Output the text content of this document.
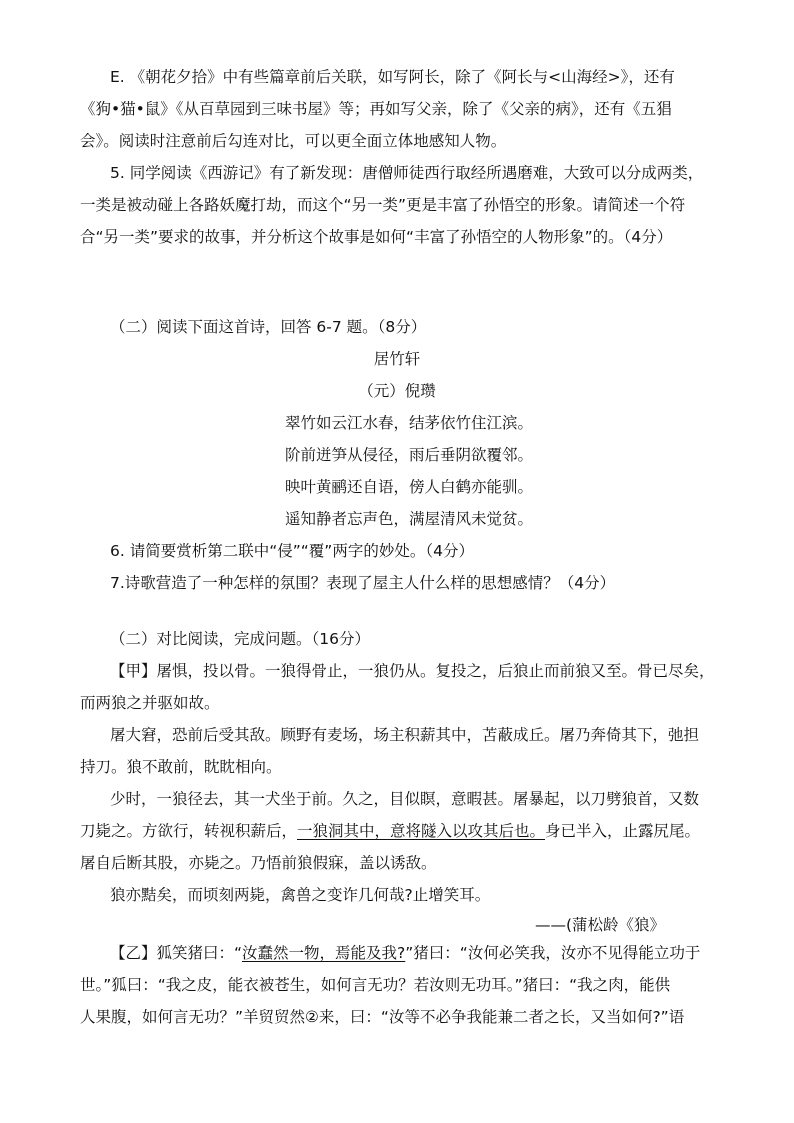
E. 《朝花夕拾》中有些篇章前后关联，如写阿长，除了《阿长与<山海经>》，还有
《狗•猫•鼠》《从百草园到三味书屋》等；再如写父亲，除了《父亲的病》，还有《五猖
会》。阅读时注意前后勾连对比，可以更全面立体地感知人物。
5. 同学阅读《西游记》有了新发现：唐僧师徒西行取经所遇磨难，大致可以分成两类，
一类是被动碰上各路妖魔打劫，而这个“另一类”更是丰富了孙悟空的形象。请简述一个符
合“另一类”要求的故事，并分析这个故事是如何“丰富了孙悟空的人物形象”的。（4分）
（二）阅读下面这首诗，回答 6-7 题。（8分）
居竹轩
（元）倪瓒
翠竹如云江水春，结茅依竹住江滨。
阶前迸笋从侵径，雨后垂阴欲覆邻。
映叶黄鹂还自语，傍人白鹤亦能驯。
遥知静者忘声色，满屋清风未觉贫。
6. 请简要赏析第二联中“侵”“覆”两字的妙处。（4分）
7.诗歌营造了一种怎样的氛围？表现了屋主人什么样的思想感情？（4分）
（二）对比阅读，完成问题。（16分）
【甲】屠惧，投以骨。一狼得骨止，一狼仍从。复投之，后狼止而前狼又至。骨已尽矣，
而两狼之并驱如故。
屠大窘，恐前后受其敌。顾野有麦场，场主积薪其中，苫蔽成丘。屠乃奔倚其下，弛担
持刀。狼不敢前，眈眈相向。
少时，一狼径去，其一犬坐于前。久之，目似瞑，意暇甚。屠暴起，以刀劈狼首，又数
刀毙之。方欲行，转视积薪后，一狼洞其中，意将隧入以攻其后也。身已半入，止露尻尾。
屠自后断其股，亦毙之。乃悟前狼假寐，盖以诱敌。
狼亦黠矣，而顷刻两毙，禽兽之变诈几何哉?止增笑耳。
——(蒲松龄《狼》
【乙】狐笑猪曰：“汝蠢然一物，焉能及我?”猪曰：“汝何必笑我，汝亦不见得能立功于
世。”狐曰：“我之皮，能衣被苍生，如何言无功？若汝则无功耳。”猪曰：“我之肉，能供
人果腹，如何言无功？”羊贸贸然②来，曰：“汝等不必争我能兼二者之长，又当如何?”语
